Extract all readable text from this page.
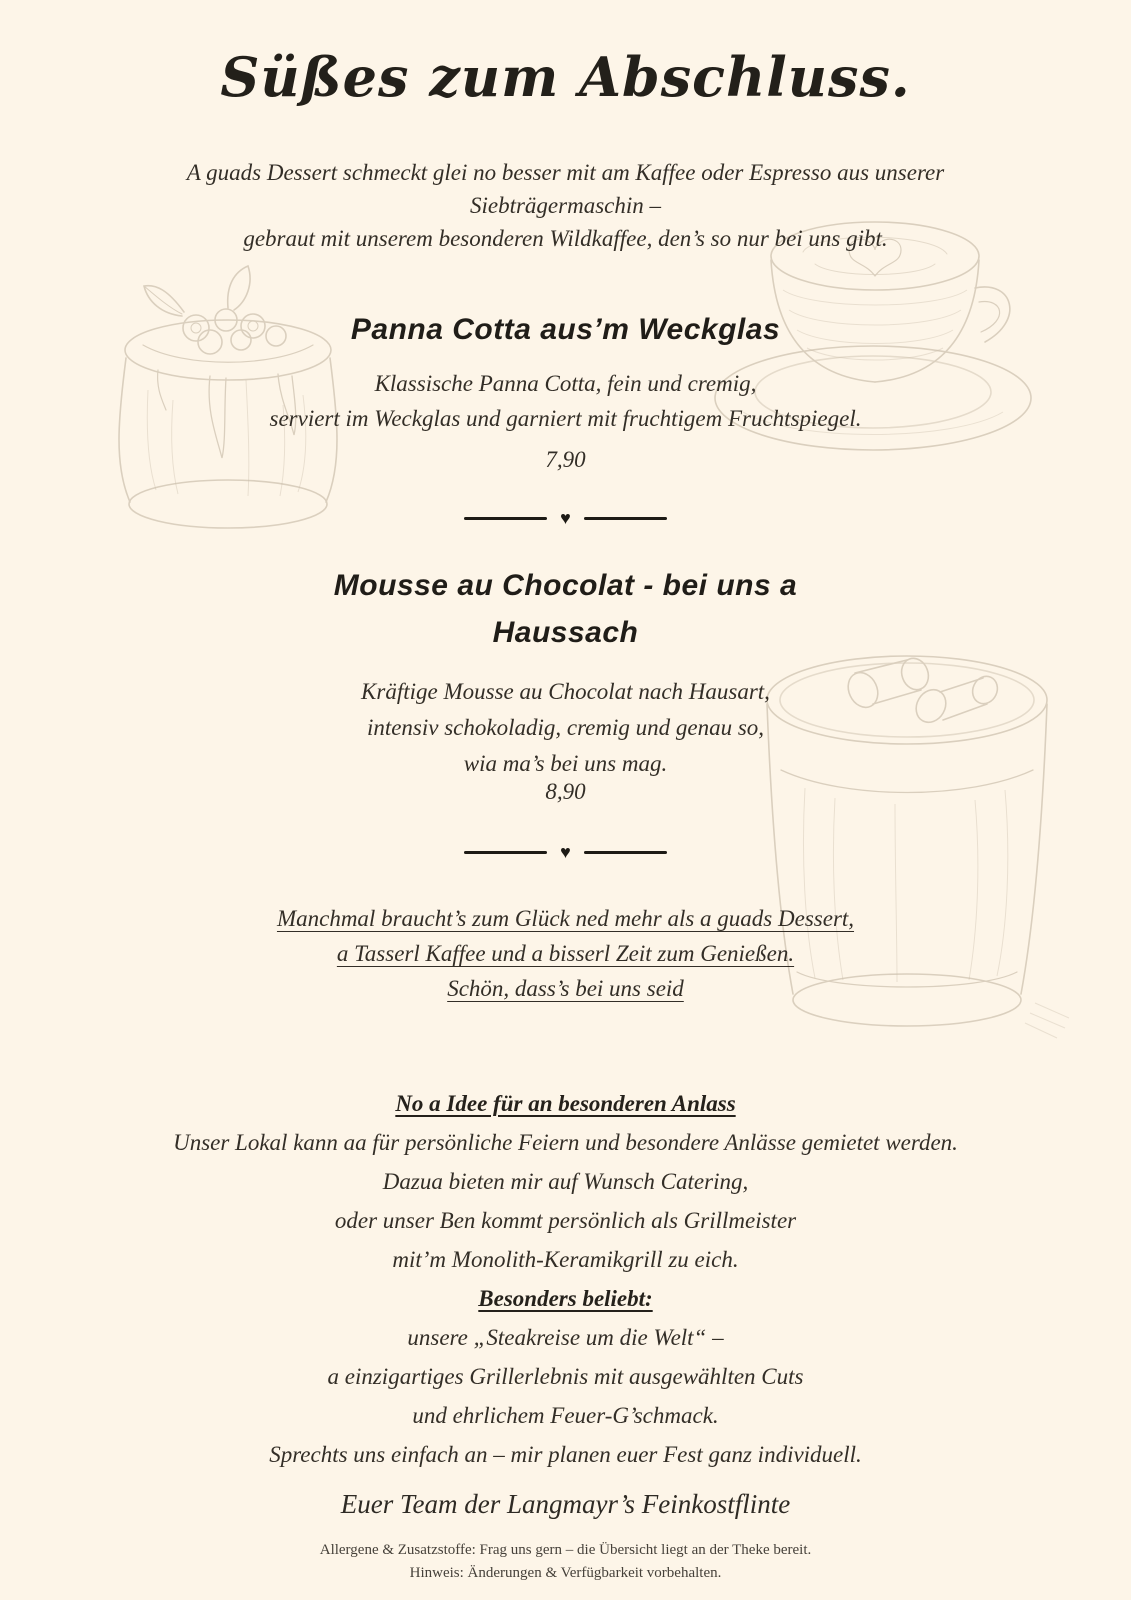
Süßes zum Abschluss.
A guads Dessert schmeckt glei no besser mit am Kaffee oder Espresso aus unserer
Siebträgermaschin –
gebraut mit unserem besonderen Wildkaffee, den’s so nur bei uns gibt.
Panna Cotta aus’m Weckglas
Klassische Panna Cotta, fein und cremig,
serviert im Weckglas und garniert mit fruchtigem Fruchtspiegel.
7,90
♥
Mousse au Chocolat - bei uns a
Haussach
Kräftige Mousse au Chocolat nach Hausart,
intensiv schokoladig, cremig und genau so,
wia ma’s bei uns mag.
8,90
♥
Manchmal braucht’s zum Glück ned mehr als a guads Dessert,
a Tasserl Kaffee und a bisserl Zeit zum Genießen.
Schön, dass’s bei uns seid
No a Idee für an besonderen Anlass
Unser Lokal kann aa für persönliche Feiern und besondere Anlässe gemietet werden.
Dazua bieten mir auf Wunsch Catering,
oder unser Ben kommt persönlich als Grillmeister
mit’m Monolith-Keramikgrill zu eich.
Besonders beliebt:
unsere „Steakreise um die Welt“ –
a einzigartiges Grillerlebnis mit ausgewählten Cuts
und ehrlichem Feuer-G’schmack.
Sprechts uns einfach an – mir planen euer Fest ganz individuell.
Euer Team der Langmayr’s Feinkostflinte
Allergene & Zusatzstoffe: Frag uns gern – die Übersicht liegt an der Theke bereit.
Hinweis: Änderungen & Verfügbarkeit vorbehalten.
